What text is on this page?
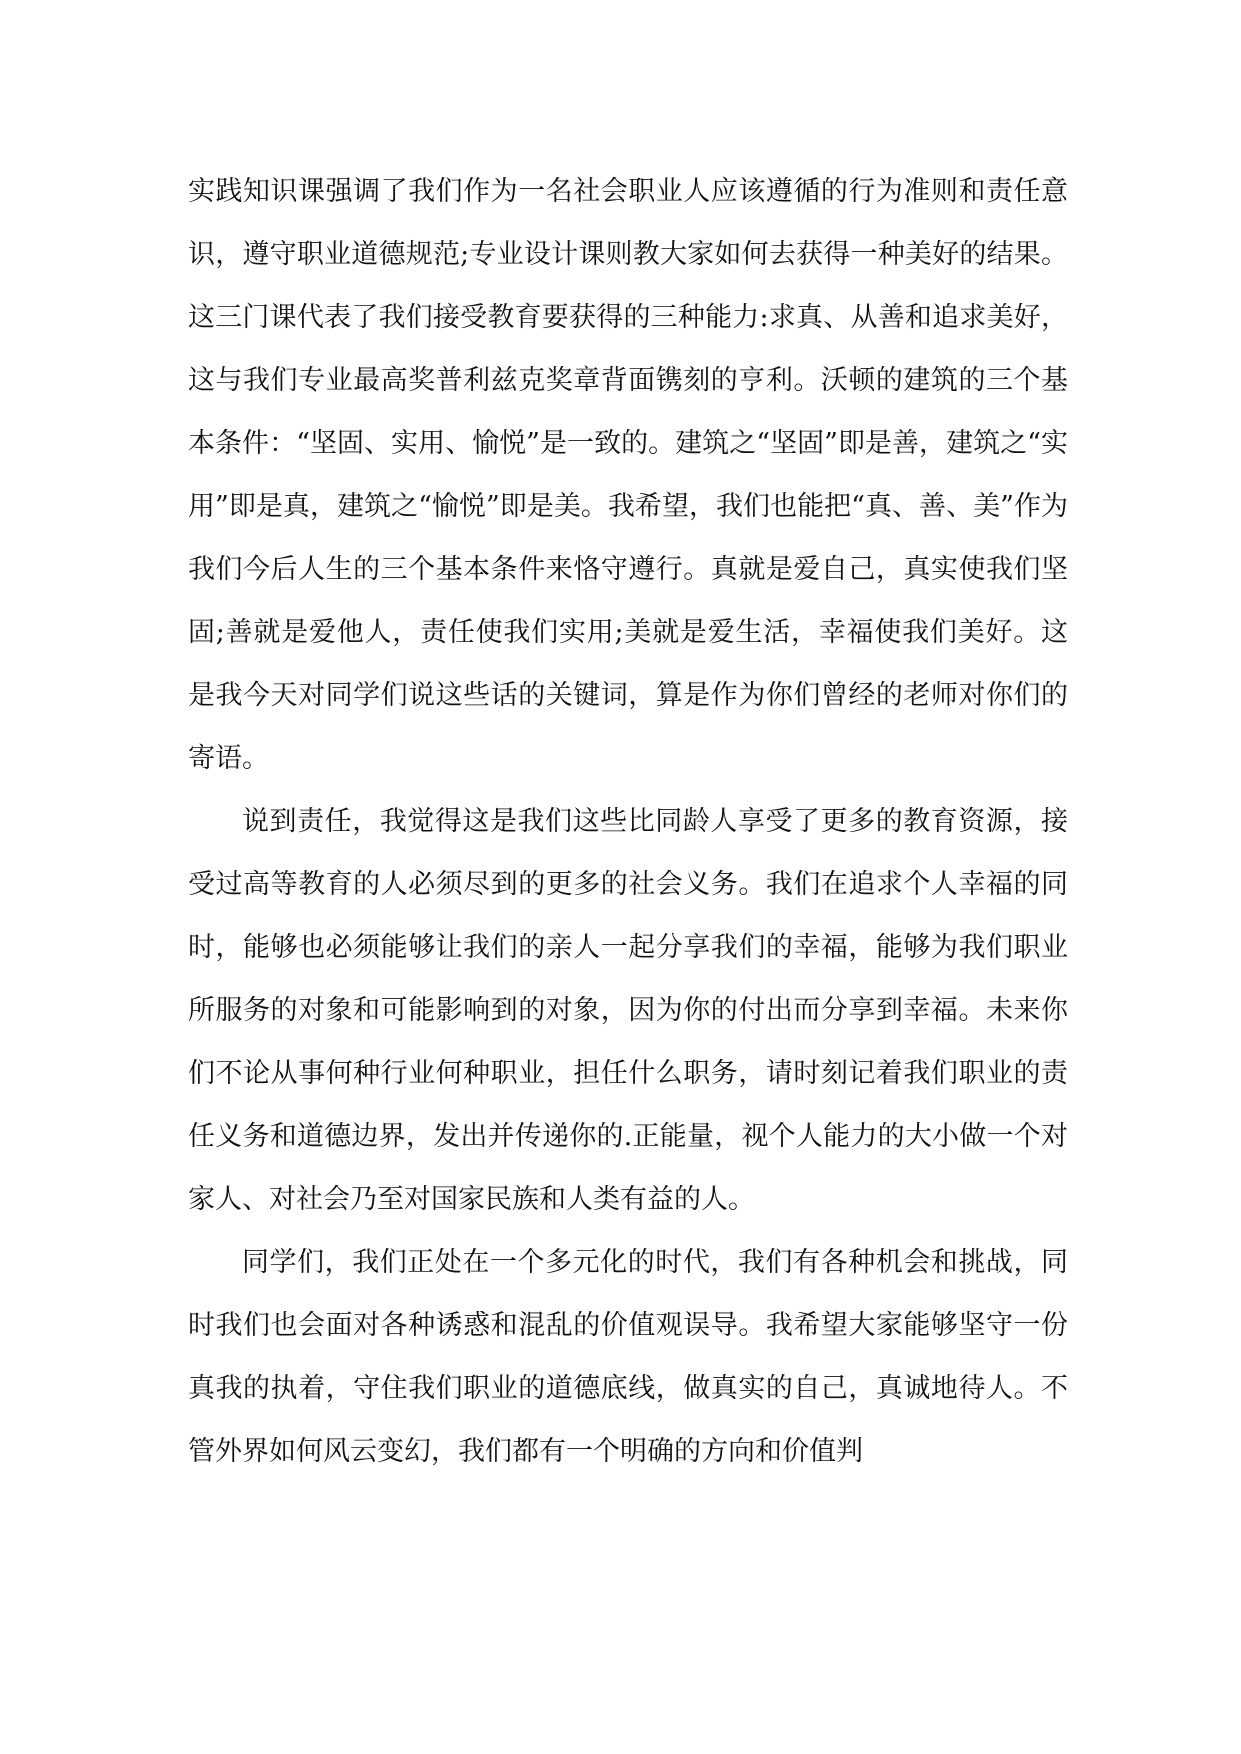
实践知识课强调了我们作为一名社会职业人应该遵循的行为准则和责任意识，遵守职业道德规范;专业设计课则教大家如何去获得一种美好的结果。这三门课代表了我们接受教育要获得的三种能力:求真、从善和追求美好，这与我们专业最高奖普利兹克奖章背面镌刻的亨利。沃顿的建筑的三个基本条件：“坚固、实用、愉悦”是一致的。建筑之“坚固”即是善，建筑之“实用”即是真，建筑之“愉悦”即是美。我希望，我们也能把“真、善、美”作为我们今后人生的三个基本条件来恪守遵行。真就是爱自己，真实使我们坚固;善就是爱他人，责任使我们实用;美就是爱生活，幸福使我们美好。这是我今天对同学们说这些话的关键词，算是作为你们曾经的老师对你们的寄语。

说到责任，我觉得这是我们这些比同龄人享受了更多的教育资源，接受过高等教育的人必须尽到的更多的社会义务。我们在追求个人幸福的同时，能够也必须能够让我们的亲人一起分享我们的幸福，能够为我们职业所服务的对象和可能影响到的对象，因为你的付出而分享到幸福。未来你们不论从事何种行业何种职业，担任什么职务，请时刻记着我们职业的责任义务和道德边界，发出并传递你的.正能量，视个人能力的大小做一个对家人、对社会乃至对国家民族和人类有益的人。

同学们，我们正处在一个多元化的时代，我们有各种机会和挑战，同时我们也会面对各种诱惑和混乱的价值观误导。我希望大家能够坚守一份真我的执着，守住我们职业的道德底线，做真实的自己，真诚地待人。不管外界如何风云变幻，我们都有一个明确的方向和价值判
